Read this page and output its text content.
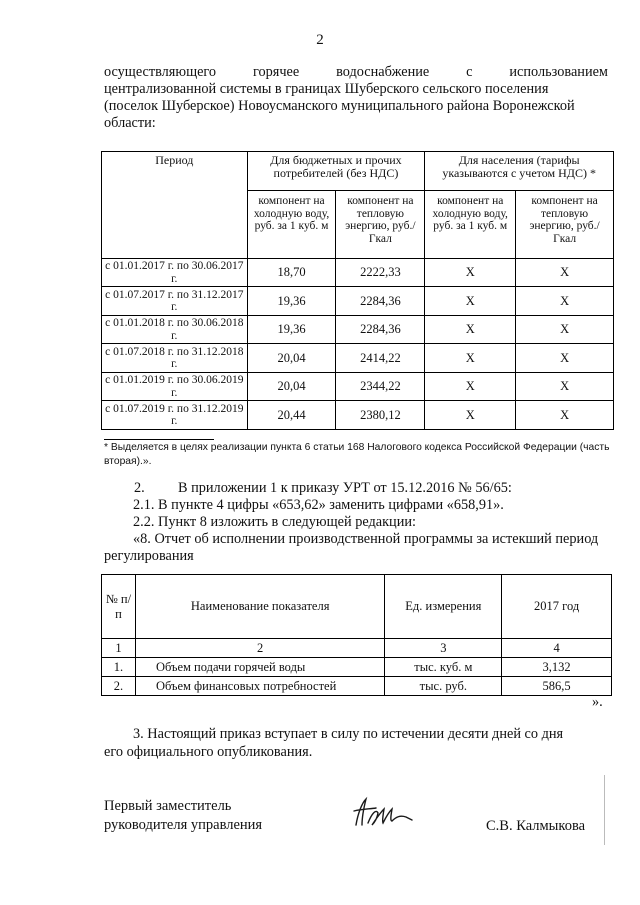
2
осуществляющего	горячее	водоснабжение	с	использованием
централизованной системы в границах Шуберского сельского поселения
(поселок Шуберское) Новоусманского муниципального района Воронежской
области:
Период	Для бюджетных и прочих потребителей (без НДС)		Для населения (тарифы указываются с учетом НДС) *	
	компонент на холодную воду, руб. за 1 куб. м	компонент на тепловую энергию, руб./Гкал	компонент на холодную воду, руб. за 1 куб. м	компонент на тепловую энергию, руб./Гкал
с 01.01.2017 г. по 30.06.2017 г.	18,70	2222,33	Х	Х
с 01.07.2017 г. по 31.12.2017 г.	19,36	2284,36	Х	Х
с 01.01.2018 г. по 30.06.2018 г.	19,36	2284,36	Х	Х
с 01.07.2018 г. по 31.12.2018 г.	20,04	2414,22	Х	Х
с 01.01.2019 г. по 30.06.2019 г.	20,04	2344,22	Х	Х
с 01.07.2019 г. по 31.12.2019 г.	20,44	2380,12	Х	Х
* Выделяется в целях реализации пункта 6 статьи 168 Налогового кодекса Российской Федерации (часть вторая).».
2. В приложении 1 к приказу УРТ от 15.12.2016 № 56/65:
2.1. В пункте 4 цифры «653,62» заменить цифрами «658,91».
2.2. Пункт 8 изложить в следующей редакции:
«8. Отчет об исполнении производственной программы за истекший период
регулирования
№ п/п	Наименование показателя	Ед. измерения	2017 год
1	2	3	4
1.	Объем подачи горячей воды	тыс. куб. м	3,132
2.	Объем финансовых потребностей	тыс. руб.	586,5
».
3. Настоящий приказ вступает в силу по истечении десяти дней со дня
его официального опубликования.
Первый заместитель
руководителя управления	С.В. Калмыкова
